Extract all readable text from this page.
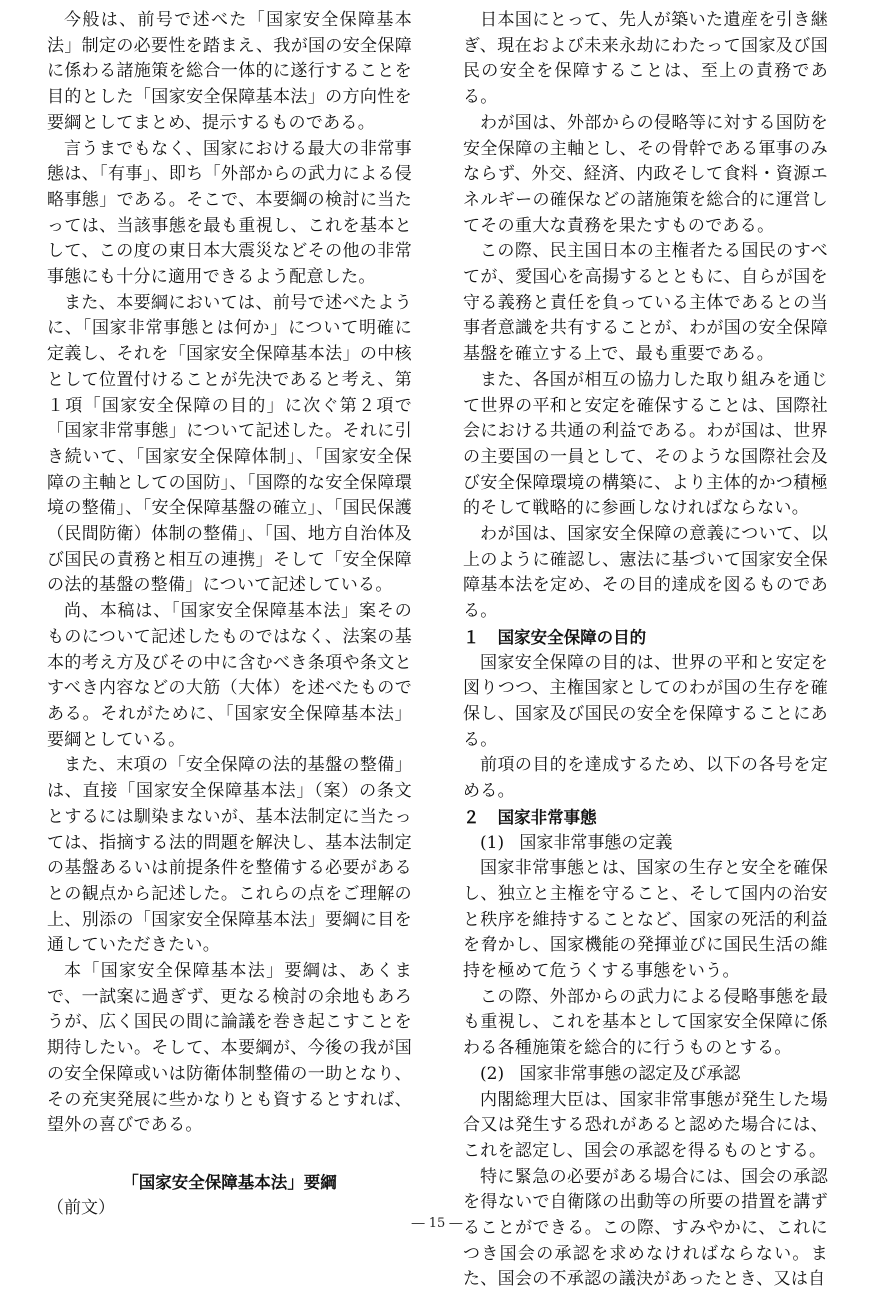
今般は、前号で述べた「国家安全保障基本法」制定の必要性を踏まえ、我が国の安全保障に係わる諸施策を総合一体的に遂行することを目的とした「国家安全保障基本法」の方向性を要綱としてまとめ、提示するものである。

言うまでもなく、国家における最大の非常事態は、「有事」、即ち「外部からの武力による侵略事態」である。そこで、本要綱の検討に当たっては、当該事態を最も重視し、これを基本として、この度の東日本大震災などその他の非常事態にも十分に適用できるよう配意した。

また、本要綱においては、前号で述べたように、「国家非常事態とは何か」について明確に定義し、それを「国家安全保障基本法」の中核として位置付けることが先決であると考え、第１項「国家安全保障の目的」に次ぐ第２項で「国家非常事態」について記述した。それに引き続いて、「国家安全保障体制」、「国家安全保障の主軸としての国防」、「国際的な安全保障環境の整備」、「安全保障基盤の確立」、「国民保護（民間防衛）体制の整備」、「国、地方自治体及び国民の責務と相互の連携」そして「安全保障の法的基盤の整備」について記述している。

尚、本稿は、「国家安全保障基本法」案そのものについて記述したものではなく、法案の基本的考え方及びその中に含むべき条項や条文とすべき内容などの大筋（大体）を述べたものである。それがために、「国家安全保障基本法」要綱としている。

また、末項の「安全保障の法的基盤の整備」は、直接「国家安全保障基本法」（案）の条文とするには馴染まないが、基本法制定に当たっては、指摘する法的問題を解決し、基本法制定の基盤あるいは前提条件を整備する必要があるとの観点から記述した。これらの点をご理解の上、別添の「国家安全保障基本法」要綱に目を通していただきたい。

本「国家安全保障基本法」要綱は、あくまで、一試案に過ぎず、更なる検討の余地もあろうが、広く国民の間に論議を巻き起こすことを期待したい。そして、本要綱が、今後の我が国の安全保障或いは防衛体制整備の一助となり、その充実発展に些かなりとも資するとすれば、望外の喜びである。

「国家安全保障基本法」要綱
（前文）

日本国にとって、先人が築いた遺産を引き継ぎ、現在および未来永劫にわたって国家及び国民の安全を保障することは、至上の責務である。

わが国は、外部からの侵略等に対する国防を安全保障の主軸とし、その骨幹である軍事のみならず、外交、経済、内政そして食料・資源エネルギーの確保などの諸施策を総合的に運営してその重大な責務を果たすものである。

この際、民主国日本の主権者たる国民のすべてが、愛国心を高揚するとともに、自らが国を守る義務と責任を負っている主体であるとの当事者意識を共有することが、わが国の安全保障基盤を確立する上で、最も重要である。

また、各国が相互の協力した取り組みを通じて世界の平和と安定を確保することは、国際社会における共通の利益である。わが国は、世界の主要国の一員として、そのような国際社会及び安全保障環境の構築に、より主体的かつ積極的そして戦略的に参画しなければならない。

わが国は、国家安全保障の意義について、以上のように確認し、憲法に基づいて国家安全保障基本法を定め、その目的達成を図るものである。

１ 国家安全保障の目的

国家安全保障の目的は、世界の平和と安定を図りつつ、主権国家としてのわが国の生存を確保し、国家及び国民の安全を保障することにある。

前項の目的を達成するため、以下の各号を定める。

２ 国家非常事態
(1) 国家非常事態の定義

国家非常事態とは、国家の生存と安全を確保し、独立と主権を守ること、そして国内の治安と秩序を維持することなど、国家の死活的利益を脅かし、国家機能の発揮並びに国民生活の維持を極めて危うくする事態をいう。

この際、外部からの武力による侵略事態を最も重視し、これを基本として国家安全保障に係わる各種施策を総合的に行うものとする。

(2) 国家非常事態の認定及び承認

内閣総理大臣は、国家非常事態が発生した場合又は発生する恐れがあると認めた場合には、これを認定し、国会の承認を得るものとする。

特に緊急の必要がある場合には、国会の承認を得ないで自衛隊の出動等の所要の措置を講ずることができる。この際、すみやかに、これにつき国会の承認を求めなければならない。また、国会の不承認の議決があったとき、又は自

― 15 ―
